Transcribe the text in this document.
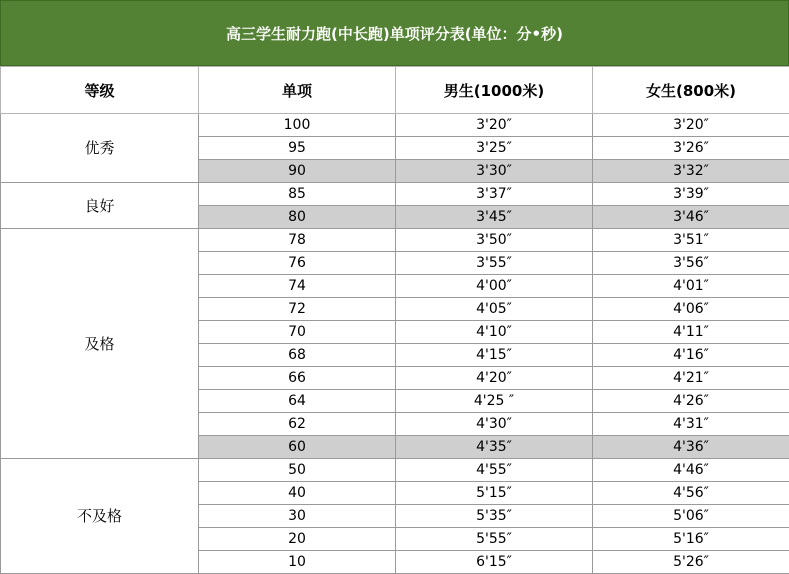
高三学生耐力跑(中长跑)单项评分表(单位：分•秒)
等级	单项	男生(1000米)	女生(800米)
优秀	100	3'20″	3'20″
	95	3'25″	3'26″
	90	3'30″	3'32″
良好	85	3'37″	3'39″
	80	3'45″	3'46″
及格	78	3'50″	3'51″
	76	3'55″	3'56″
	74	4'00″	4'01″
	72	4'05″	4'06″
	70	4'10″	4'11″
	68	4'15″	4'16″
	66	4'20″	4'21″
	64	4'25 ″	4'26″
	62	4'30″	4'31″
	60	4'35″	4'36″
不及格	50	4'55″	4'46″
	40	5'15″	4'56″
	30	5'35″	5'06″
	20	5'55″	5'16″
	10	6'15″	5'26″
